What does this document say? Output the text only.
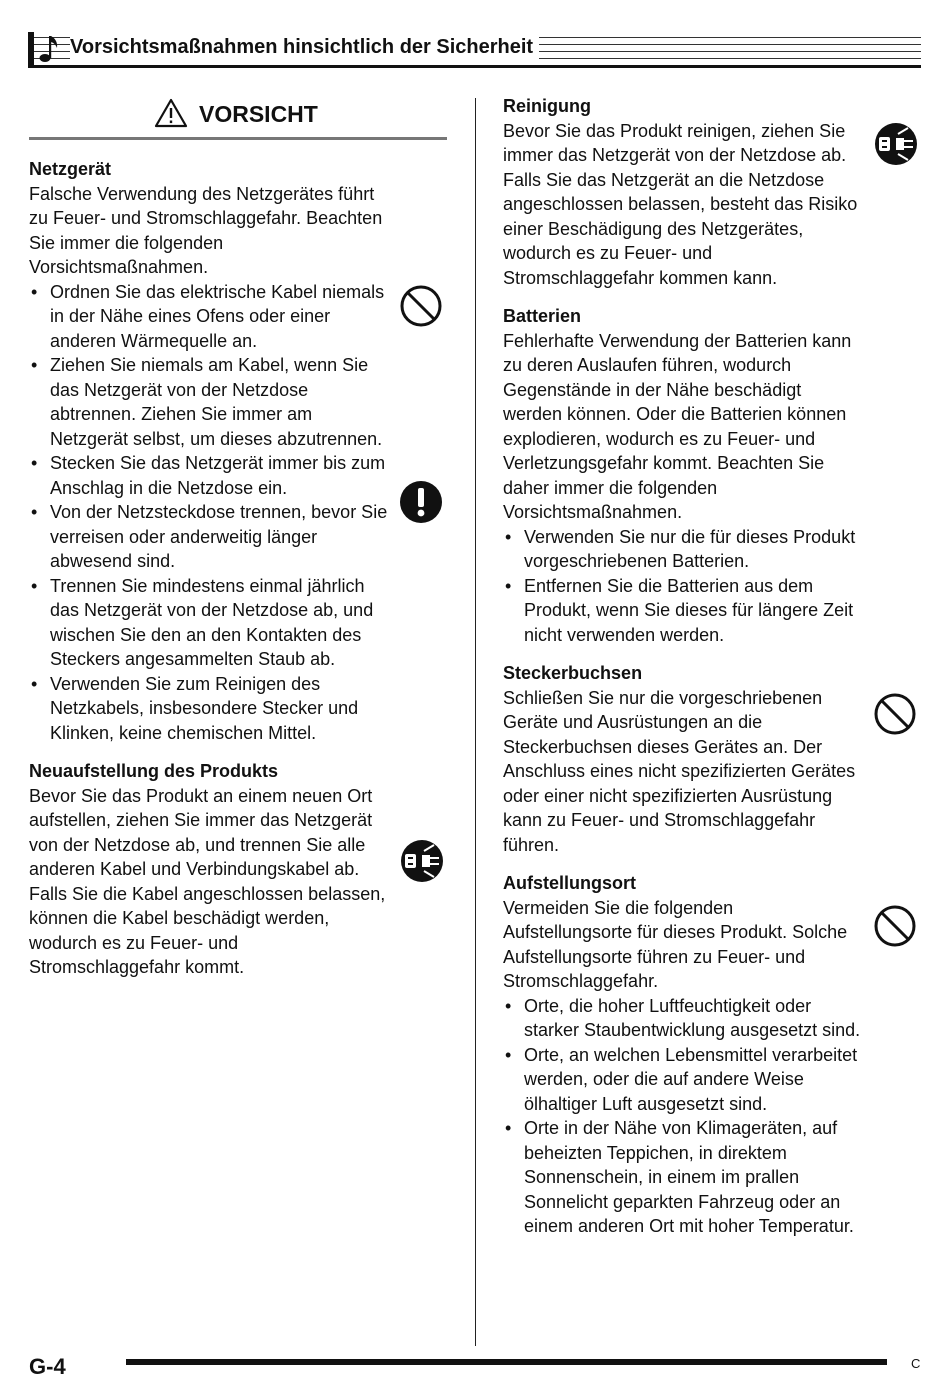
Vorsichtsmaßnahmen hinsichtlich der Sicherheit
VORSICHT
Netzgerät

Falsche Verwendung des Netzgerätes führt zu Feuer- und Stromschlaggefahr. Beachten Sie immer die folgenden Vorsichtsmaßnahmen.

• Ordnen Sie das elektrische Kabel niemals in der Nähe eines Ofens oder einer anderen Wärmequelle an.
• Ziehen Sie niemals am Kabel, wenn Sie das Netzgerät von der Netzdose abtrennen. Ziehen Sie immer am Netzgerät selbst, um dieses abzutrennen.
• Stecken Sie das Netzgerät immer bis zum Anschlag in die Netzdose ein.
• Von der Netzsteckdose trennen, bevor Sie verreisen oder anderweitig länger abwesend sind.
• Trennen Sie mindestens einmal jährlich das Netzgerät von der Netzdose ab, und wischen Sie den an den Kontakten des Steckers angesammelten Staub ab.
• Verwenden Sie zum Reinigen des Netzkabels, insbesondere Stecker und Klinken, keine chemischen Mittel.
Neuaufstellung des Produkts

Bevor Sie das Produkt an einem neuen Ort aufstellen, ziehen Sie immer das Netzgerät von der Netzdose ab, und trennen Sie alle anderen Kabel und Verbindungskabel ab. Falls Sie die Kabel angeschlossen belassen, können die Kabel beschädigt werden, wodurch es zu Feuer- und Stromschlaggefahr kommt.

Reinigung

Bevor Sie das Produkt reinigen, ziehen Sie immer das Netzgerät von der Netzdose ab. Falls Sie das Netzgerät an die Netzdose angeschlossen belassen, besteht das Risiko einer Beschädigung des Netzgerätes, wodurch es zu Feuer- und Stromschlaggefahr kommen kann.

Batterien

Fehlerhafte Verwendung der Batterien kann zu deren Auslaufen führen, wodurch Gegenstände in der Nähe beschädigt werden können. Oder die Batterien können explodieren, wodurch es zu Feuer- und Verletzungsgefahr kommt. Beachten Sie daher immer die folgenden Vorsichtsmaßnahmen.

• Verwenden Sie nur die für dieses Produkt vorgeschriebenen Batterien.
• Entfernen Sie die Batterien aus dem Produkt, wenn Sie dieses für längere Zeit nicht verwenden werden.
Steckerbuchsen

Schließen Sie nur die vorgeschriebenen Geräte und Ausrüstungen an die Steckerbuchsen dieses Gerätes an. Der Anschluss eines nicht spezifizierten Gerätes oder einer nicht spezifizierten Ausrüstung kann zu Feuer- und Stromschlaggefahr führen.

Aufstellungsort

Vermeiden Sie die folgenden Aufstellungsorte für dieses Produkt. Solche Aufstellungsorte führen zu Feuer- und Stromschlaggefahr.

• Orte, die hoher Luftfeuchtigkeit oder starker Staubentwicklung ausgesetzt sind.
• Orte, an welchen Lebensmittel verarbeitet werden, oder die auf andere Weise ölhaltiger Luft ausgesetzt sind.
• Orte in der Nähe von Klimageräten, auf beheizten Teppichen, in direktem Sonnenschein, in einem im prallen Sonnelicht geparkten Fahrzeug oder an einem anderen Ort mit hoher Temperatur.
G-4	C
